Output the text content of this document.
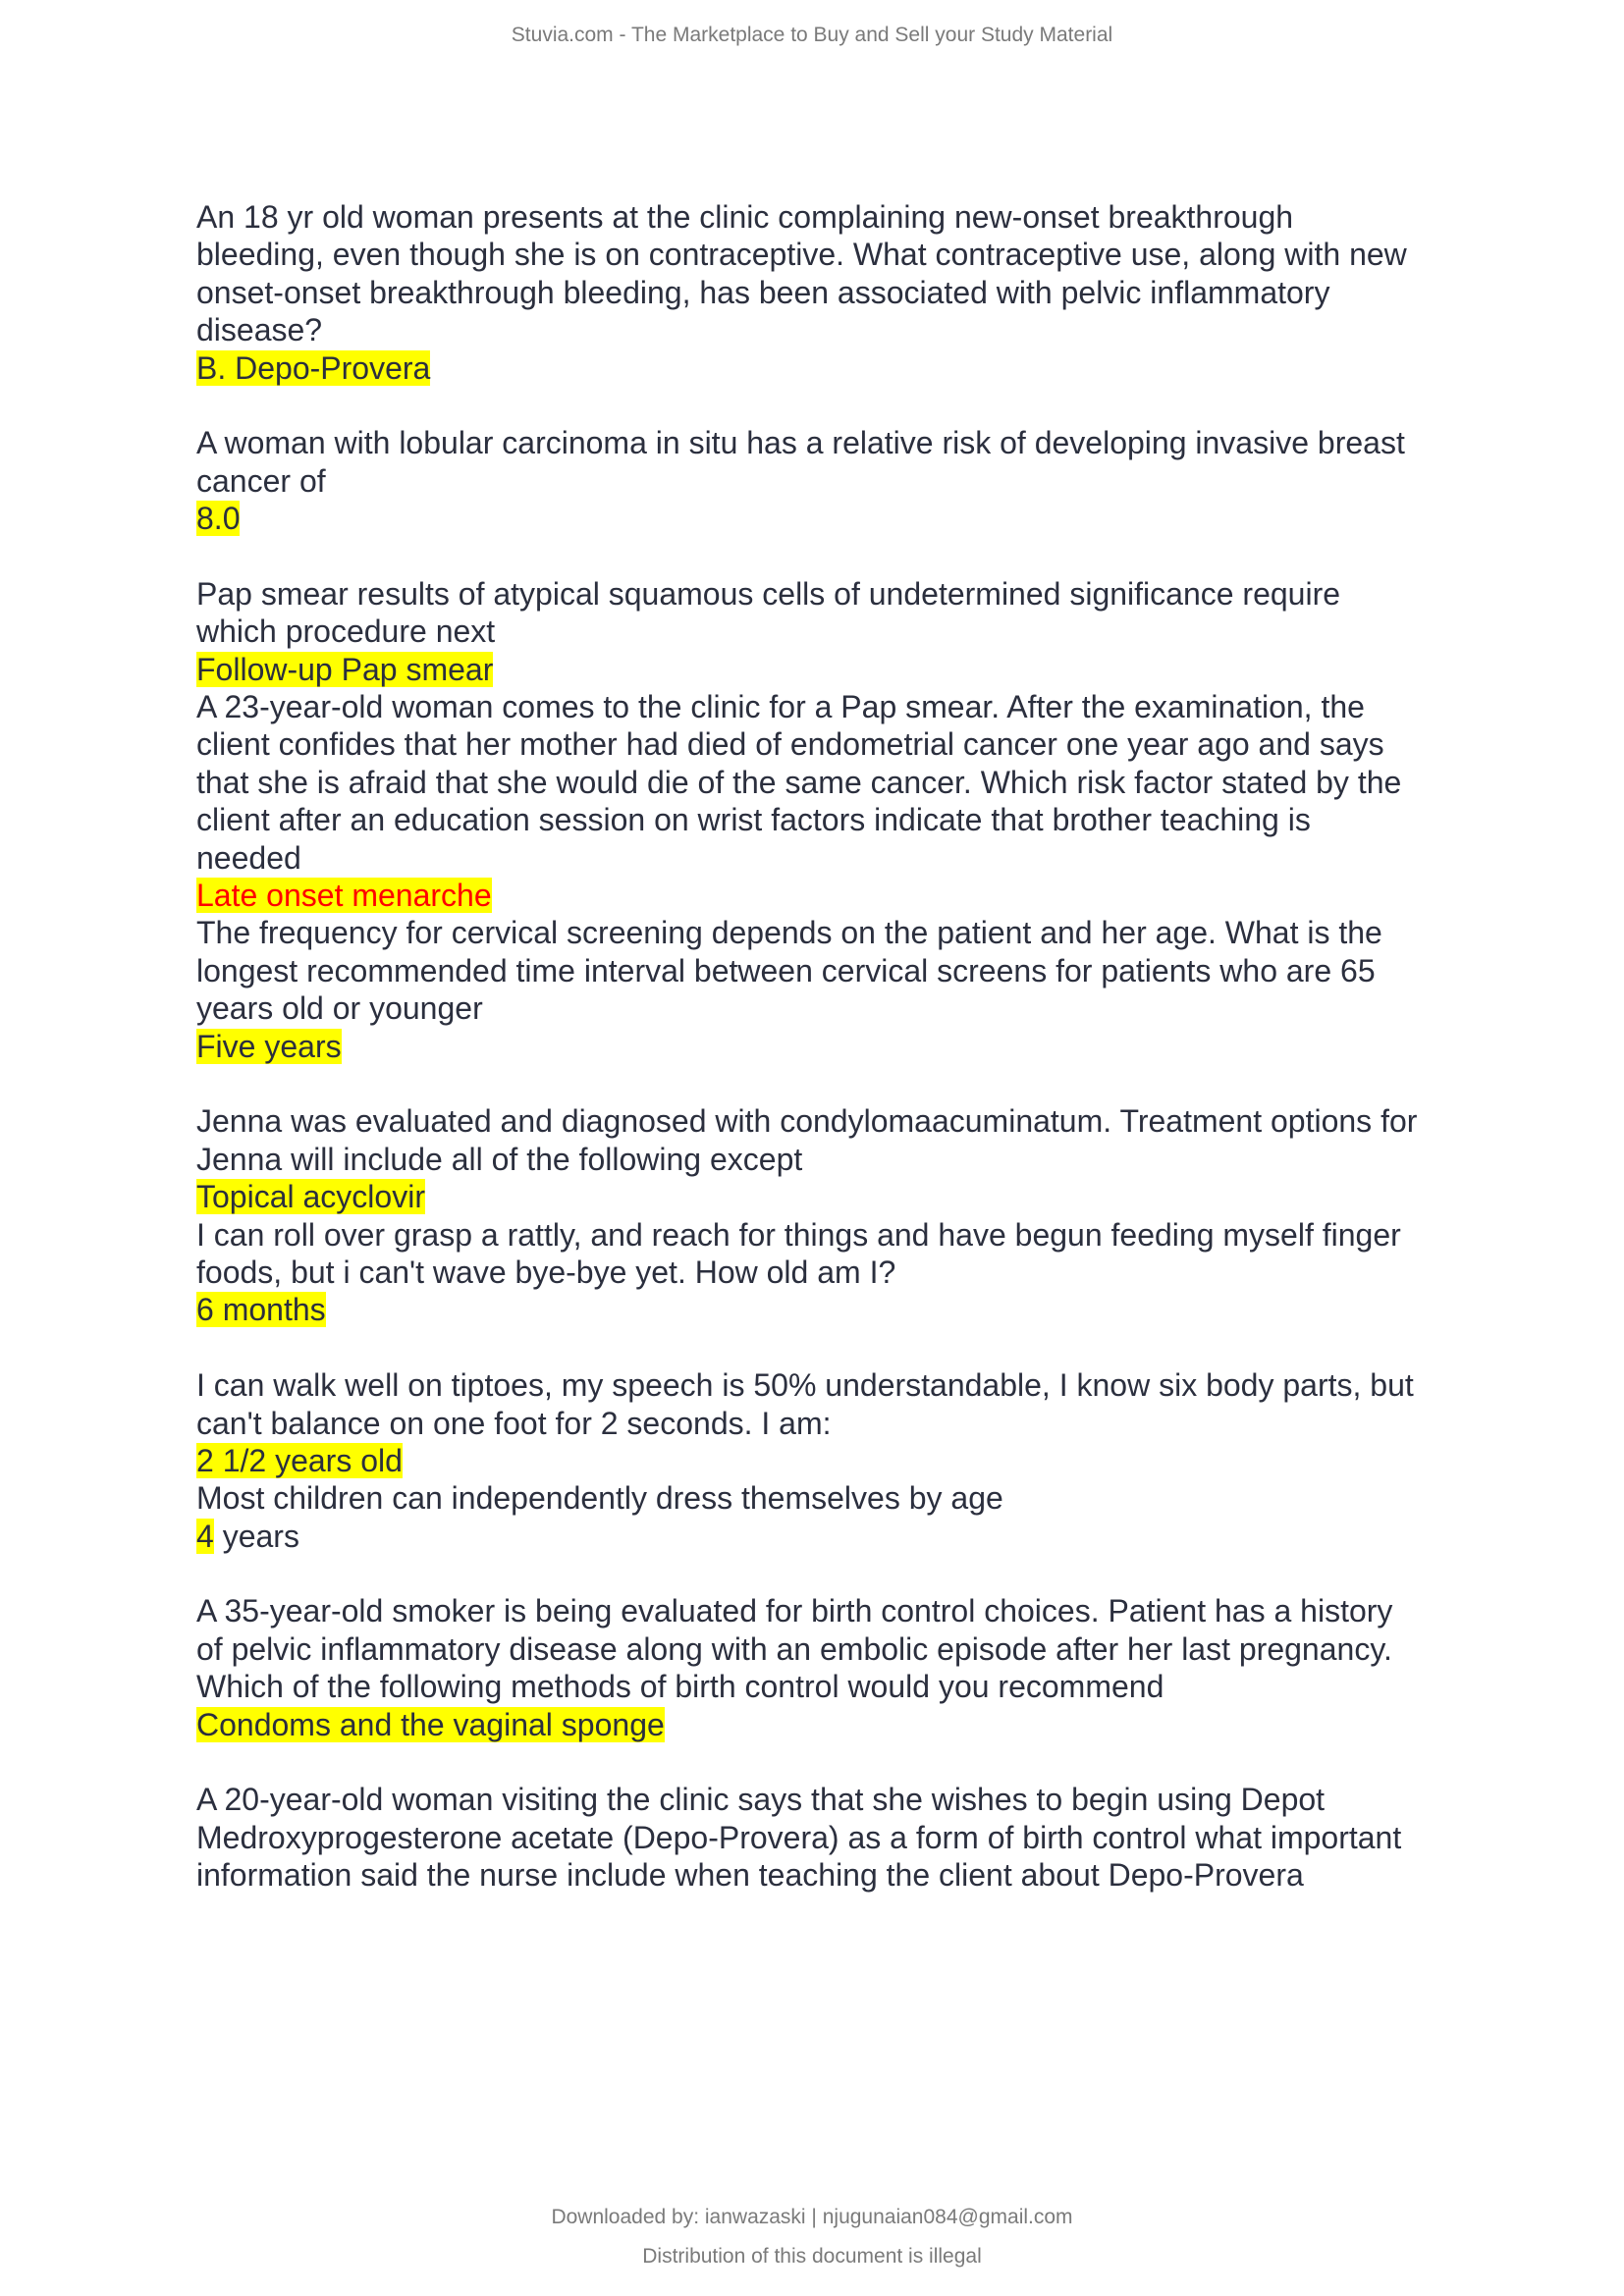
Stuvia.com - The Marketplace to Buy and Sell your Study Material
An 18 yr old woman presents at the clinic complaining new-onset breakthrough
bleeding, even though she is on contraceptive. What contraceptive use, along with new
onset-onset breakthrough bleeding, has been associated with pelvic inflammatory
disease?
B. Depo-Provera
A woman with lobular carcinoma in situ has a relative risk of developing invasive breast
cancer of
8.0
Pap smear results of atypical squamous cells of undetermined significance require
which procedure next
Follow-up Pap smear
A 23-year-old woman comes to the clinic for a Pap smear. After the examination, the
client confides that her mother had died of endometrial cancer one year ago and says
that she is afraid that she would die of the same cancer. Which risk factor stated by the
client after an education session on wrist factors indicate that brother teaching is
needed
Late onset menarche
The frequency for cervical screening depends on the patient and her age. What is the
longest recommended time interval between cervical screens for patients who are 65
years old or younger
Five years
Jenna was evaluated and diagnosed with condylomaacuminatum. Treatment options for
Jenna will include all of the following except
Topical acyclovir
I can roll over grasp a rattly, and reach for things and have begun feeding myself finger
foods, but i can't wave bye-bye yet. How old am I?
6 months
I can walk well on tiptoes, my speech is 50% understandable, I know six body parts, but
can't balance on one foot for 2 seconds. I am:
2 1/2 years old
Most children can independently dress themselves by age
4 years
A 35-year-old smoker is being evaluated for birth control choices. Patient has a history
of pelvic inflammatory disease along with an embolic episode after her last pregnancy.
Which of the following methods of birth control would you recommend
Condoms and the vaginal sponge
A 20-year-old woman visiting the clinic says that she wishes to begin using Depot
Medroxyprogesterone acetate (Depo-Provera) as a form of birth control what important
information said the nurse include when teaching the client about Depo-Provera
Downloaded by: ianwazaski | njugunaian084@gmail.com
Distribution of this document is illegal
